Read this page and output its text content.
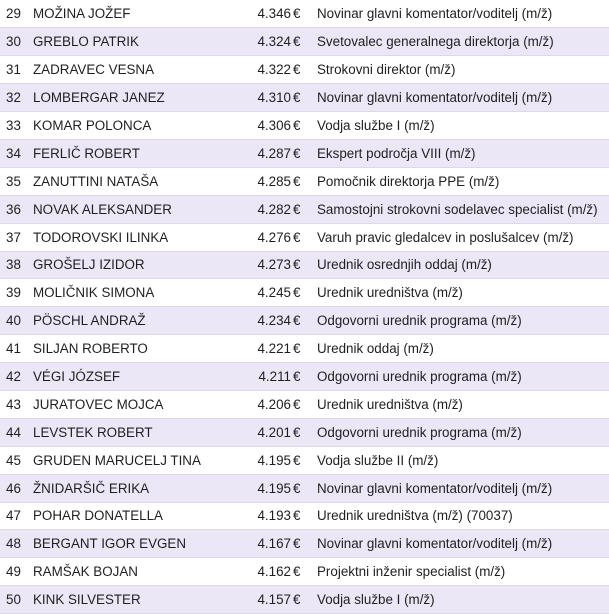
29	MOŽINA JOŽEF	4.346	€	Novinar glavni komentator/voditelj (m/ž)
30	GREBLO PATRIK	4.324	€	Svetovalec generalnega direktorja (m/ž)
31	ZADRAVEC VESNA	4.322	€	Strokovni direktor (m/ž)
32	LOMBERGAR JANEZ	4.310	€	Novinar glavni komentator/voditelj (m/ž)
33	KOMAR POLONCA	4.306	€	Vodja službe I (m/ž)
34	FERLIČ ROBERT	4.287	€	Ekspert področja VIII (m/ž)
35	ZANUTTINI NATAŠA	4.285	€	Pomočnik direktorja PPE (m/ž)
36	NOVAK ALEKSANDER	4.282	€	Samostojni strokovni sodelavec specialist (m/ž)
37	TODOROVSKI ILINKA	4.276	€	Varuh pravic gledalcev in poslušalcev (m/ž)
38	GROŠELJ IZIDOR	4.273	€	Urednik osrednjih oddaj (m/ž)
39	MOLIČNIK SIMONA	4.245	€	Urednik uredništva (m/ž)
40	PÖSCHL ANDRAŽ	4.234	€	Odgovorni urednik programa (m/ž)
41	SILJAN ROBERTO	4.221	€	Urednik oddaj (m/ž)
42	VÉGI JÓZSEF	4.211	€	Odgovorni urednik programa (m/ž)
43	JURATOVEC MOJCA	4.206	€	Urednik uredništva (m/ž)
44	LEVSTEK ROBERT	4.201	€	Odgovorni urednik programa (m/ž)
45	GRUDEN MARUCELJ TINA	4.195	€	Vodja službe II (m/ž)
46	ŽNIDARŠIČ ERIKA	4.195	€	Novinar glavni komentator/voditelj (m/ž)
47	POHAR DONATELLA	4.193	€	Urednik uredništva (m/ž) (70037)
48	BERGANT IGOR EVGEN	4.167	€	Novinar glavni komentator/voditelj (m/ž)
49	RAMŠAK BOJAN	4.162	€	Projektni inženir specialist (m/ž)
50	KINK SILVESTER	4.157	€	Vodja službe I (m/ž)
